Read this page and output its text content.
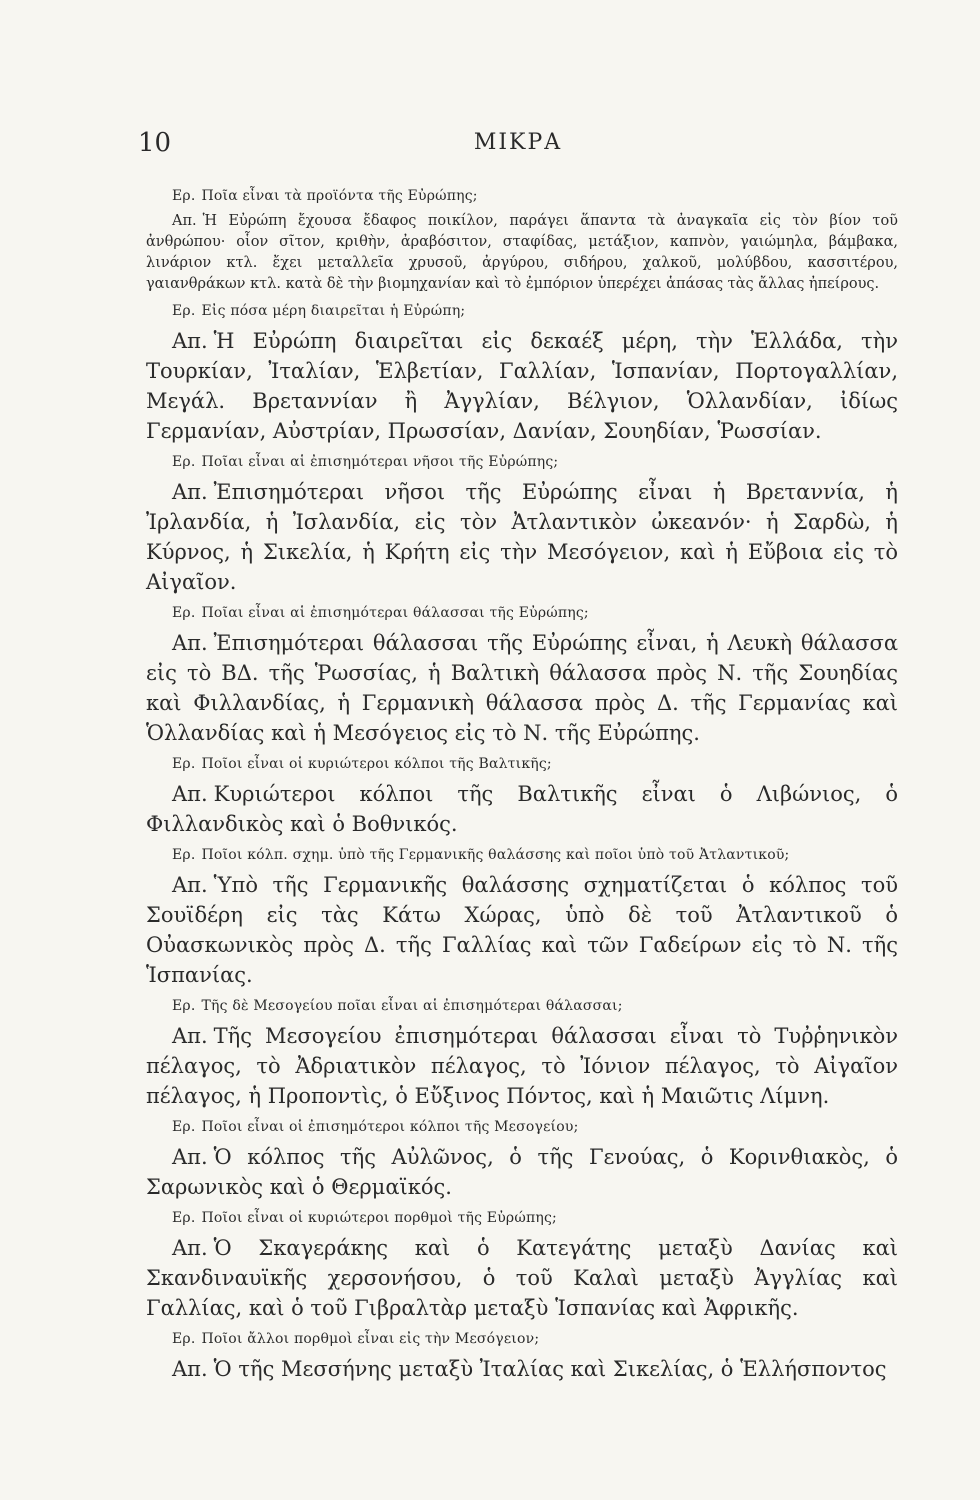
10	ΜΙΚΡΑ

Ερ. Ποῖα εἶναι τὰ προϊόντα τῆς Εὐρώπης;

Απ. Ἡ Εὐρώπη ἔχουσα ἔδαφος ποικίλον, παράγει ἅπαντα τὰ ἀναγκαῖα εἰς τὸν βίον τοῦ ἀνθρώπου· οἷον σῖτον, κριθὴν, ἀραβόσιτον, σταφίδας, μετάξιον, καπνὸν, γαιώμηλα, βάμβακα, λινάριον κτλ. ἔχει μεταλλεῖα χρυσοῦ, ἀργύρου, σιδήρου, χαλκοῦ, μολύβδου, κασσιτέρου, γαιανθράκων κτλ. κατὰ δὲ τὴν βιομηχανίαν καὶ τὸ ἐμπόριον ὑπερέχει ἁπάσας τὰς ἄλλας ἠπείρους.

Ερ. Εἰς πόσα μέρη διαιρεῖται ἡ Εὐρώπη;

Απ. Ἡ Εὐρώπη διαιρεῖται εἰς δεκαέξ μέρη, τὴν Ἑλλάδα, τὴν Τουρκίαν, Ἰταλίαν, Ἑλβετίαν, Γαλλίαν, Ἱσπανίαν, Πορτογαλλίαν, Μεγάλ. Βρεταννίαν ἢ Ἀγγλίαν, Βέλγιον, Ὁλλανδίαν, ἰδίως Γερμανίαν, Αὐστρίαν, Πρωσσίαν, Δανίαν, Σουηδίαν, Ῥωσσίαν.

Ερ. Ποῖαι εἶναι αἱ ἐπισημότεραι νῆσοι τῆς Εὐρώπης;

Απ. Ἐπισημότεραι νῆσοι τῆς Εὐρώπης εἶναι ἡ Βρεταννία, ἡ Ἰρλανδία, ἡ Ἰσλανδία, εἰς τὸν Ἀτλαντικὸν ὠκεανόν· ἡ Σαρδὼ, ἡ Κύρνος, ἡ Σικελία, ἡ Κρήτη εἰς τὴν Μεσόγειον, καὶ ἡ Εὔβοια εἰς τὸ Αἰγαῖον.

Ερ. Ποῖαι εἶναι αἱ ἐπισημότεραι θάλασσαι τῆς Εὐρώπης;

Απ. Ἐπισημότεραι θάλασσαι τῆς Εὐρώπης εἶναι, ἡ Λευκὴ θάλασσα εἰς τὸ ΒΔ. τῆς Ῥωσσίας, ἡ Βαλτικὴ θάλασσα πρὸς Ν. τῆς Σουηδίας καὶ Φιλλανδίας, ἡ Γερμανικὴ θάλασσα πρὸς Δ. τῆς Γερμανίας καὶ Ὁλλανδίας καὶ ἡ Μεσόγειος εἰς τὸ Ν. τῆς Εὐρώπης.

Ερ. Ποῖοι εἶναι οἱ κυριώτεροι κόλποι τῆς Βαλτικῆς;

Απ. Κυριώτεροι κόλποι τῆς Βαλτικῆς εἶναι ὁ Λιβώνιος, ὁ Φιλλανδικὸς καὶ ὁ Βοθνικός.

Ερ. Ποῖοι κόλπ. σχημ. ὑπὸ τῆς Γερμανικῆς θαλάσσης καὶ ποῖοι ὑπὸ τοῦ Ἀτλαντικοῦ;

Απ. Ὑπὸ τῆς Γερμανικῆς θαλάσσης σχηματίζεται ὁ κόλπος τοῦ Σουϊδέρη εἰς τὰς Κάτω Χώρας, ὑπὸ δὲ τοῦ Ἀτλαντικοῦ ὁ Οὐασκωνικὸς πρὸς Δ. τῆς Γαλλίας καὶ τῶν Γαδείρων εἰς τὸ Ν. τῆς Ἱσπανίας.

Ερ. Τῆς δὲ Μεσογείου ποῖαι εἶναι αἱ ἐπισημότεραι θάλασσαι;

Απ. Τῆς Μεσογείου ἐπισημότεραι θάλασσαι εἶναι τὸ Τυῤῥηνικὸν πέλαγος, τὸ Ἀδριατικὸν πέλαγος, τὸ Ἰόνιον πέλαγος, τὸ Αἰγαῖον πέλαγος, ἡ Προποντὶς, ὁ Εὔξινος Πόντος, καὶ ἡ Μαιῶτις Λίμνη.

Ερ. Ποῖοι εἶναι οἱ ἐπισημότεροι κόλποι τῆς Μεσογείου;

Απ. Ὁ κόλπος τῆς Αὐλῶνος, ὁ τῆς Γενούας, ὁ Κορινθιακὸς, ὁ Σαρωνικὸς καὶ ὁ Θερμαϊκός.

Ερ. Ποῖοι εἶναι οἱ κυριώτεροι πορθμοὶ τῆς Εὐρώπης;

Απ. Ὁ Σκαγεράκης καὶ ὁ Κατεγάτης μεταξὺ Δανίας καὶ Σκανδιναυϊκῆς χερσονήσου, ὁ τοῦ Καλαὶ μεταξὺ Ἀγγλίας καὶ Γαλλίας, καὶ ὁ τοῦ Γιβραλτὰρ μεταξὺ Ἱσπανίας καὶ Ἀφρικῆς.

Ερ. Ποῖοι ἄλλοι πορθμοὶ εἶναι εἰς τὴν Μεσόγειον;

Απ. Ὁ τῆς Μεσσήνης μεταξὺ Ἰταλίας καὶ Σικελίας, ὁ Ἑλλήσποντος
